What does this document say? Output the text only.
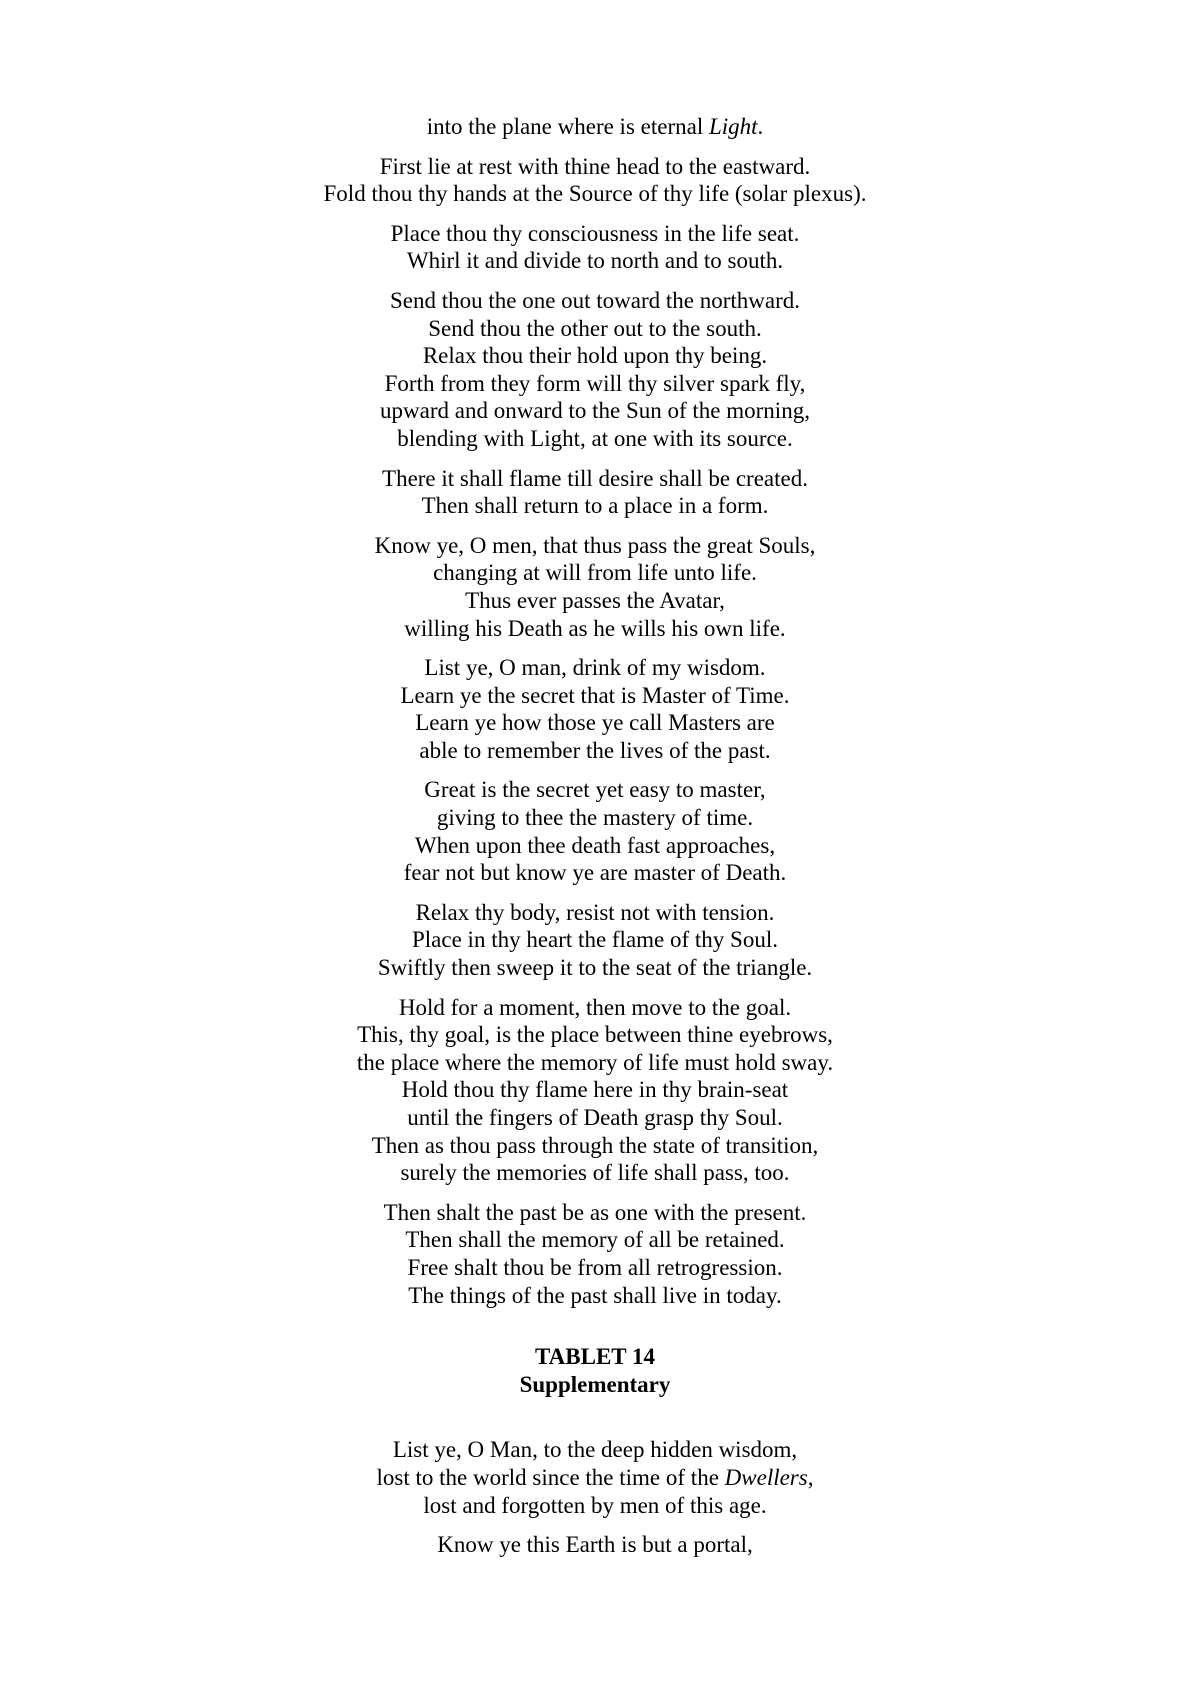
into the plane where is eternal Light.
First lie at rest with thine head to the eastward.
Fold thou thy hands at the Source of thy life (solar plexus).
Place thou thy consciousness in the life seat.
Whirl it and divide to north and to south.
Send thou the one out toward the northward.
Send thou the other out to the south.
Relax thou their hold upon thy being.
Forth from they form will thy silver spark fly,
upward and onward to the Sun of the morning,
blending with Light, at one with its source.
There it shall flame till desire shall be created.
Then shall return to a place in a form.
Know ye, O men, that thus pass the great Souls,
changing at will from life unto life.
Thus ever passes the Avatar,
willing his Death as he wills his own life.
List ye, O man, drink of my wisdom.
Learn ye the secret that is Master of Time.
Learn ye how those ye call Masters are
able to remember the lives of the past.
Great is the secret yet easy to master,
giving to thee the mastery of time.
When upon thee death fast approaches,
fear not but know ye are master of Death.
Relax thy body, resist not with tension.
Place in thy heart the flame of thy Soul.
Swiftly then sweep it to the seat of the triangle.
Hold for a moment, then move to the goal.
This, thy goal, is the place between thine eyebrows,
the place where the memory of life must hold sway.
Hold thou thy flame here in thy brain-seat
until the fingers of Death grasp thy Soul.
Then as thou pass through the state of transition,
surely the memories of life shall pass, too.
Then shalt the past be as one with the present.
Then shall the memory of all be retained.
Free shalt thou be from all retrogression.
The things of the past shall live in today.
TABLET 14
Supplementary
List ye, O Man, to the deep hidden wisdom,
lost to the world since the time of the Dwellers,
lost and forgotten by men of this age.
Know ye this Earth is but a portal,
